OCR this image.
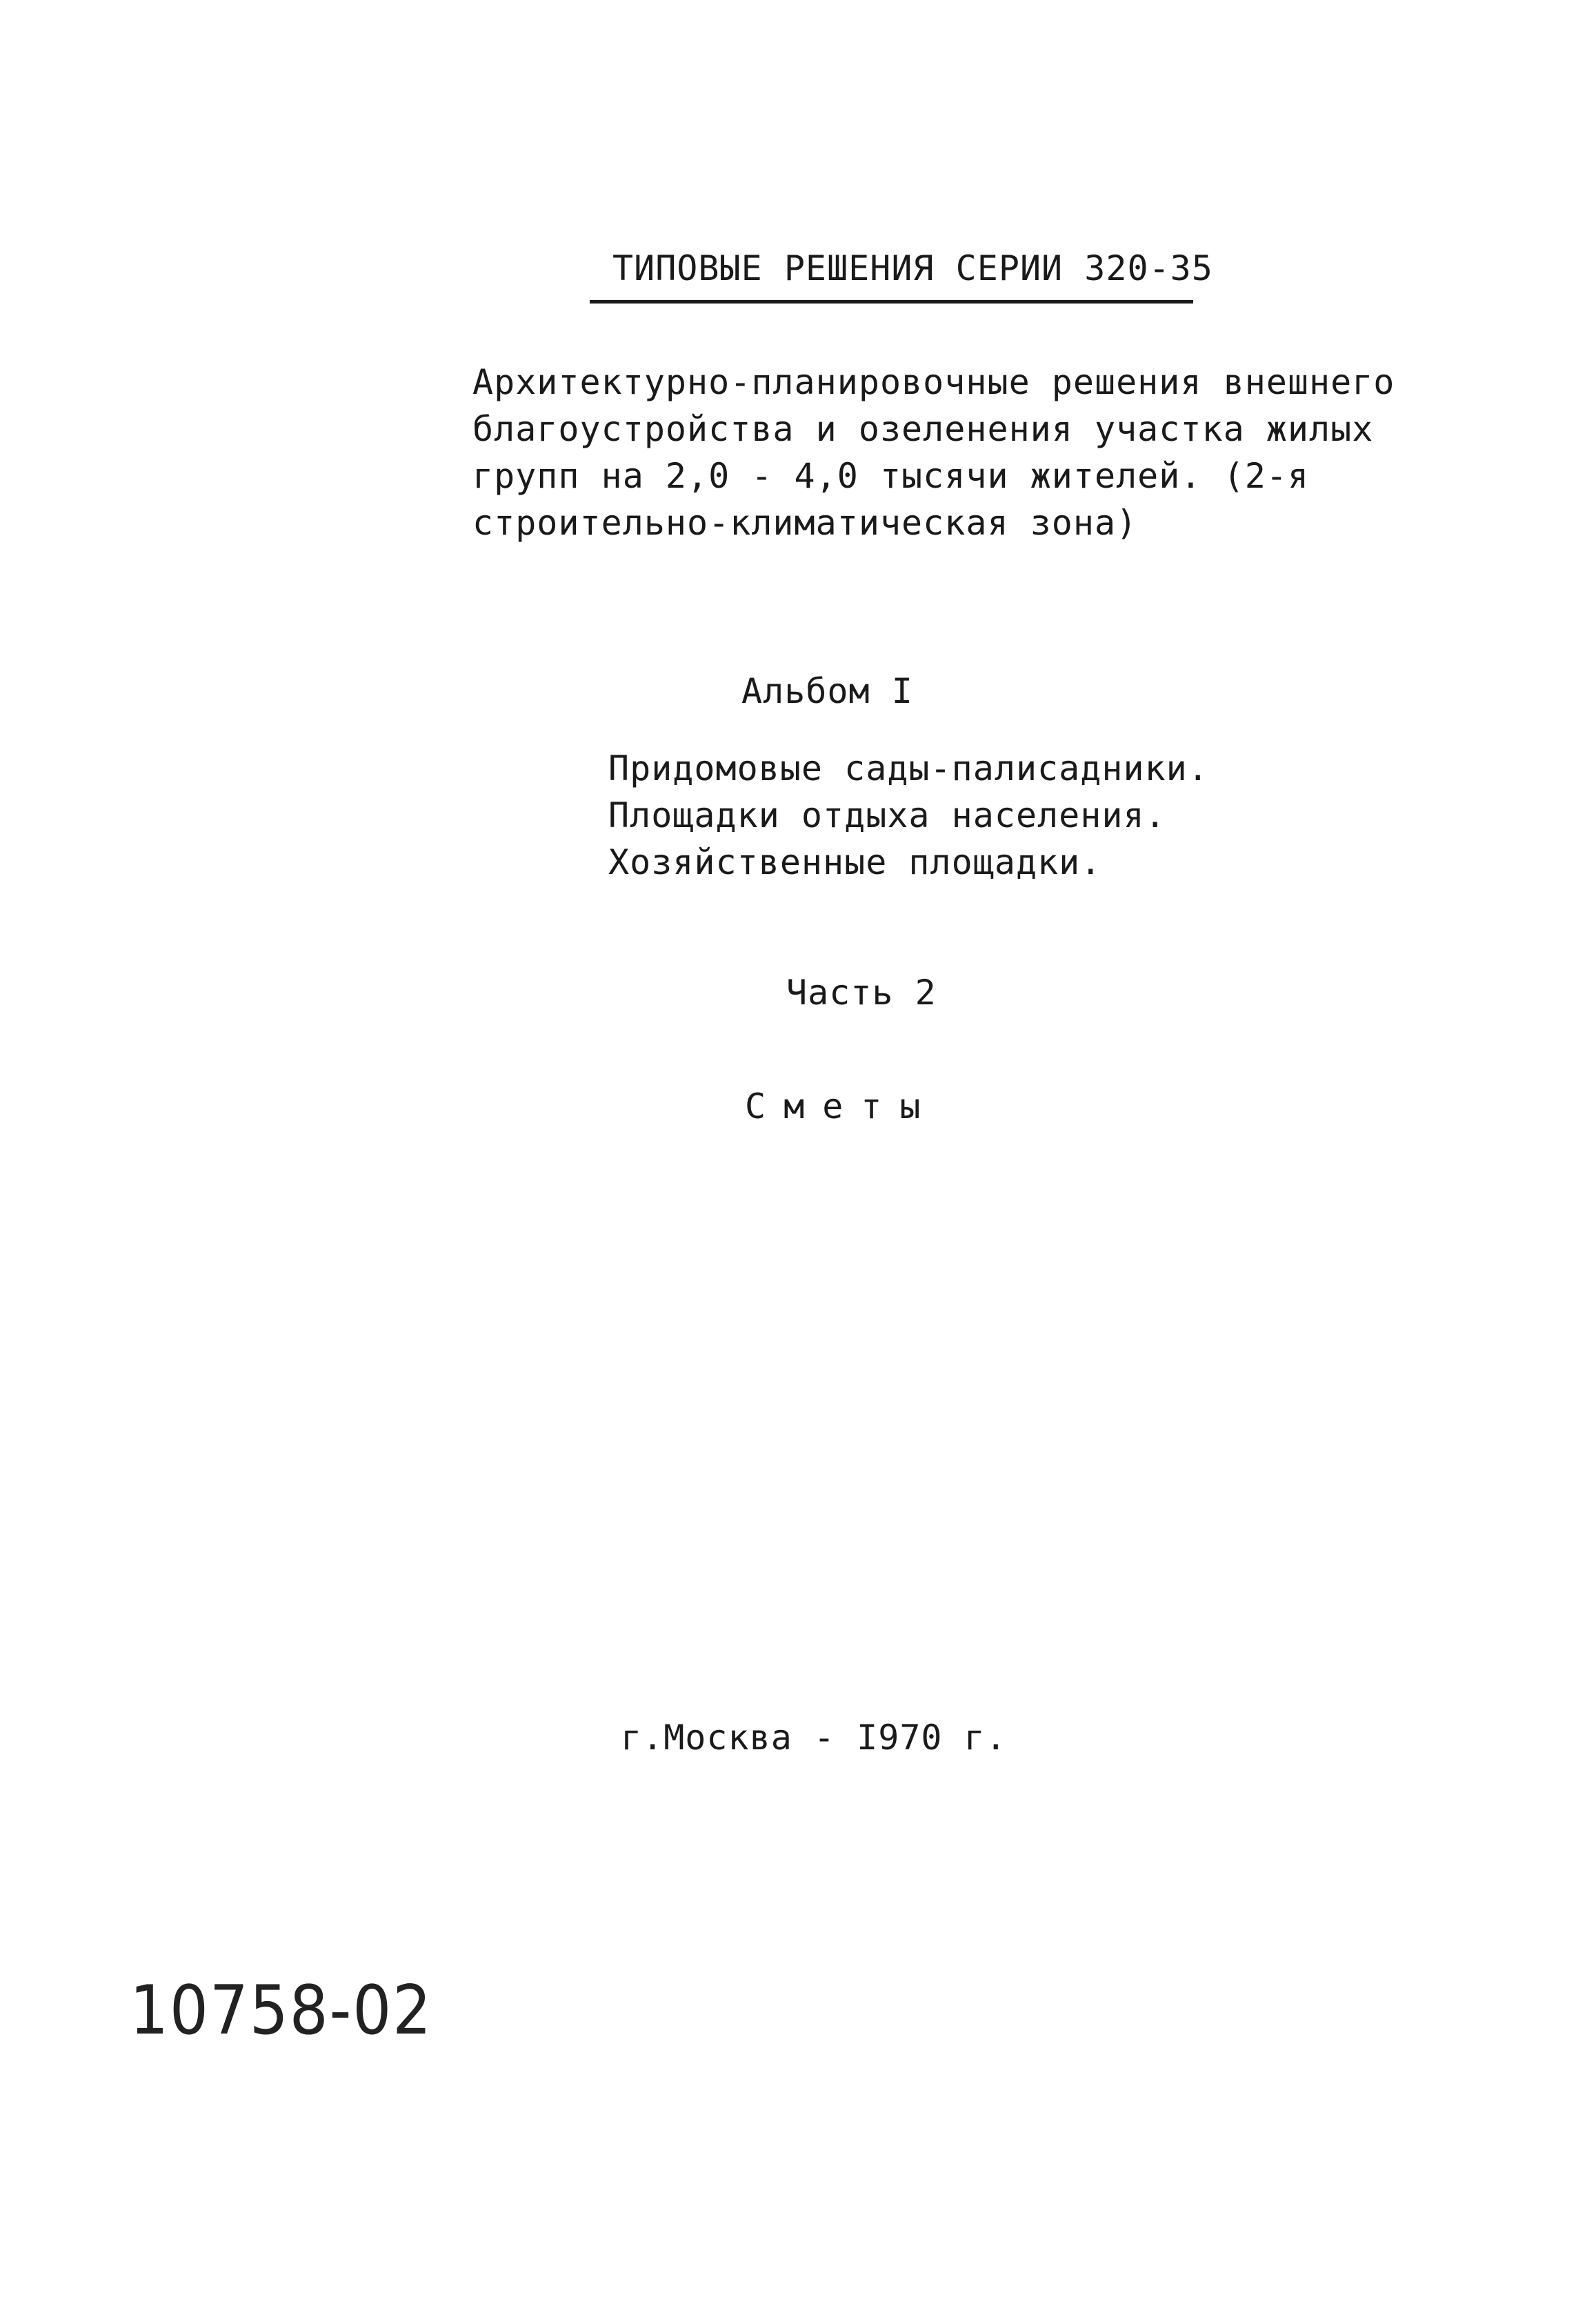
ТИПОВЫЕ РЕШЕНИЯ СЕРИИ 320-35
Архитектурно-планировочные решения внешнего
благоустройства и озеленения участка жилых
групп на 2,0 - 4,0 тысячи жителей. (2-я
строительно-климатическая зона)
Альбом I
Придомовые сады-палисадники.
Площадки отдыха населения.
Хозяйственные площадки.
Часть 2
Сметы
г.Москва - I970 г.
10758-02
